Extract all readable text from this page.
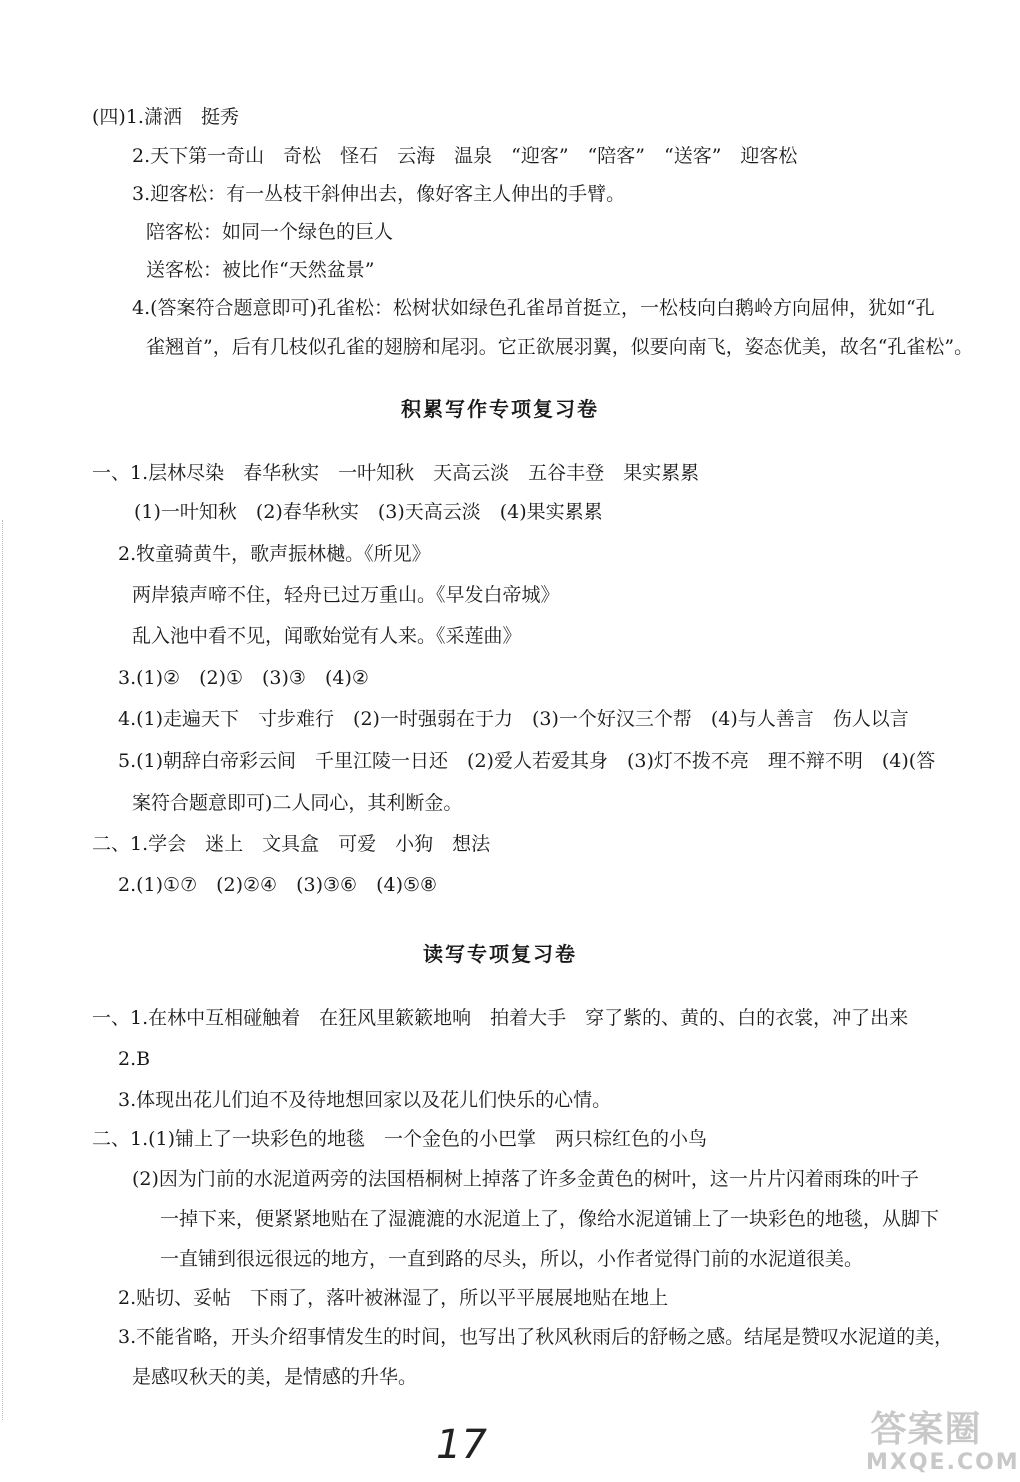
(四)1.潇洒　挺秀
2.天下第一奇山　奇松　怪石　云海　温泉　“迎客”　“陪客”　“送客”　迎客松
3.迎客松：有一丛枝干斜伸出去，像好客主人伸出的手臂。
陪客松：如同一个绿色的巨人
送客松：被比作“天然盆景”
4.(答案符合题意即可)孔雀松：松树状如绿色孔雀昂首挺立，一松枝向白鹅岭方向屈伸，犹如“孔
雀翘首”，后有几枝似孔雀的翅膀和尾羽。它正欲展羽翼，似要向南飞，姿态优美，故名“孔雀松”。
积累写作专项复习卷
一、1.层林尽染　春华秋实　一叶知秋　天高云淡　五谷丰登　果实累累
(1)一叶知秋　(2)春华秋实　(3)天高云淡　(4)果实累累
2.牧童骑黄牛，歌声振林樾。《所见》
两岸猿声啼不住，轻舟已过万重山。《早发白帝城》
乱入池中看不见，闻歌始觉有人来。《采莲曲》
3.(1)②　(2)①　(3)③　(4)②
4.(1)走遍天下　寸步难行　(2)一时强弱在于力　(3)一个好汉三个帮　(4)与人善言　伤人以言
5.(1)朝辞白帝彩云间　千里江陵一日还　(2)爱人若爱其身　(3)灯不拨不亮　理不辩不明　(4)(答
案符合题意即可)二人同心，其利断金。
二、1.学会　迷上　文具盒　可爱　小狗　想法
2.(1)①⑦　(2)②④　(3)③⑥　(4)⑤⑧
读写专项复习卷
一、1.在林中互相碰触着　在狂风里簌簌地响　拍着大手　穿了紫的、黄的、白的衣裳，冲了出来
2.B
3.体现出花儿们迫不及待地想回家以及花儿们快乐的心情。
二、1.(1)铺上了一块彩色的地毯　一个金色的小巴掌　两只棕红色的小鸟
(2)因为门前的水泥道两旁的法国梧桐树上掉落了许多金黄色的树叶，这一片片闪着雨珠的叶子
一掉下来，便紧紧地贴在了湿漉漉的水泥道上了，像给水泥道铺上了一块彩色的地毯，从脚下
一直铺到很远很远的地方，一直到路的尽头，所以，小作者觉得门前的水泥道很美。
2.贴切、妥帖　下雨了，落叶被淋湿了，所以平平展展地贴在地上
3.不能省略，开头介绍事情发生的时间，也写出了秋风秋雨后的舒畅之感。结尾是赞叹水泥道的美，
是感叹秋天的美，是情感的升华。
17	答案圈
MXQE.COM
